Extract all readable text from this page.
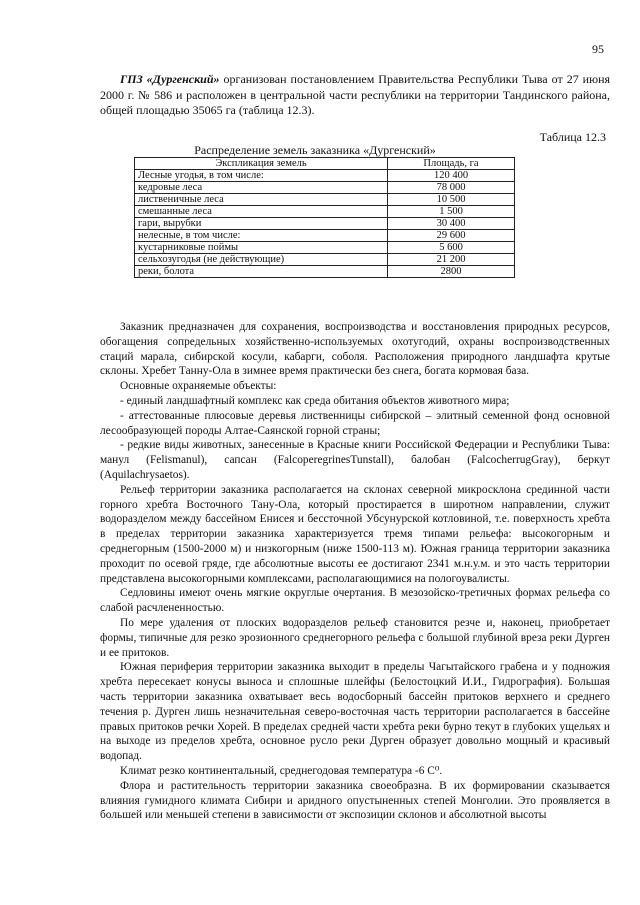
95

ГПЗ «Дургенский» организован постановлением Правительства Республики Тыва от 27 июня 2000 г. № 586 и расположен в центральной части республики на территории Тандинского района, общей площадью 35065 га (таблица 12.3).

Таблица 12.3
Распределение земель заказника «Дургенский»
Экспликация земель	Площадь, га
Лесные угодья, в том числе:	120 400
кедровые леса	78 000
лиственичные леса	10 500
смешанные леса	1 500
гари, вырубки	30 400
нелесные, в том числе:	29 600
кустарниковые поймы	5 600
сельхозугодья (не действующие)	21 200
реки, болота	2800

Заказник предназначен для сохранения, воспроизводства и восстановления природных ресурсов, обогащения сопредельных хозяйственно-используемых охотугодий, охраны воспроизводственных стаций марала, сибирской косули, кабарги, соболя. Расположения природного ландшафта крутые склоны. Хребет Танну-Ола в зимнее время практически без снега, богата кормовая база.

Основные охраняемые объекты:

- единый ландшафтный комплекс как среда обитания объектов животного мира;

- аттестованные плюсовые деревья лиственницы сибирской – элитный семенной фонд основной лесообразующей породы Алтае-Саянской горной страны;

- редкие виды животных, занесенные в Красные книги Российской Федерации и Республики Тыва: манул (Felismanul), сапсан (FalcoperegrinesTunstall), балобан (FalcocherrugGray), беркут (Aquilachrysaetos).

Рельеф территории заказника располагается на склонах северной микросклона срединной части горного хребта Восточного Тану-Ола, который простирается в широтном направлении, служит водоразделом между бассейном Енисея и бессточной Убсунурской котловиной, т.е. поверхность хребта в пределах территории заказника характеризуется тремя типами рельефа: высокогорным и среднегорным (1500-2000 м) и низкогорным (ниже 1500-113 м). Южная граница территории заказника проходит по осевой гряде, где абсолютные высоты ее достигают 2341 м.н.у.м. и это часть территории представлена высокогорными комплексами, располагающимися на пологоувалисты.

Седловины имеют очень мягкие округлые очертания. В мезозойско-третичных формах рельефа со слабой расчлененностью.

По мере удаления от плоских водоразделов рельеф становится резче и, наконец, приобретает формы, типичные для резко эрозионного среднегорного рельефа с большой глубиной вреза реки Дурген и ее притоков.

Южная периферия территории заказника выходит в пределы Чагытайского грабена и у подножия хребта пересекает конусы выноса и сплошные шлейфы (Белостоцкий И.И., Гидрография). Большая часть территории заказника охватывает весь водосборный бассейн притоков верхнего и среднего течения р. Дурген лишь незначительная северо-восточная часть территории располагается в бассейне правых притоков речки Хорей. В пределах средней части хребта реки бурно текут в глубоких ущельях и на выходе из пределов хребта, основное русло реки Дурген образует довольно мощный и красивый водопад.

Климат резко континентальный, среднегодовая температура -6 С⁰.

Флора и растительность территории заказника своеобразна. В их формировании сказывается влияния гумидного климата Сибири и аридного опустыненных степей Монголии. Это проявляется в большей или меньшей степени в зависимости от экспозиции склонов и абсолютной высоты
